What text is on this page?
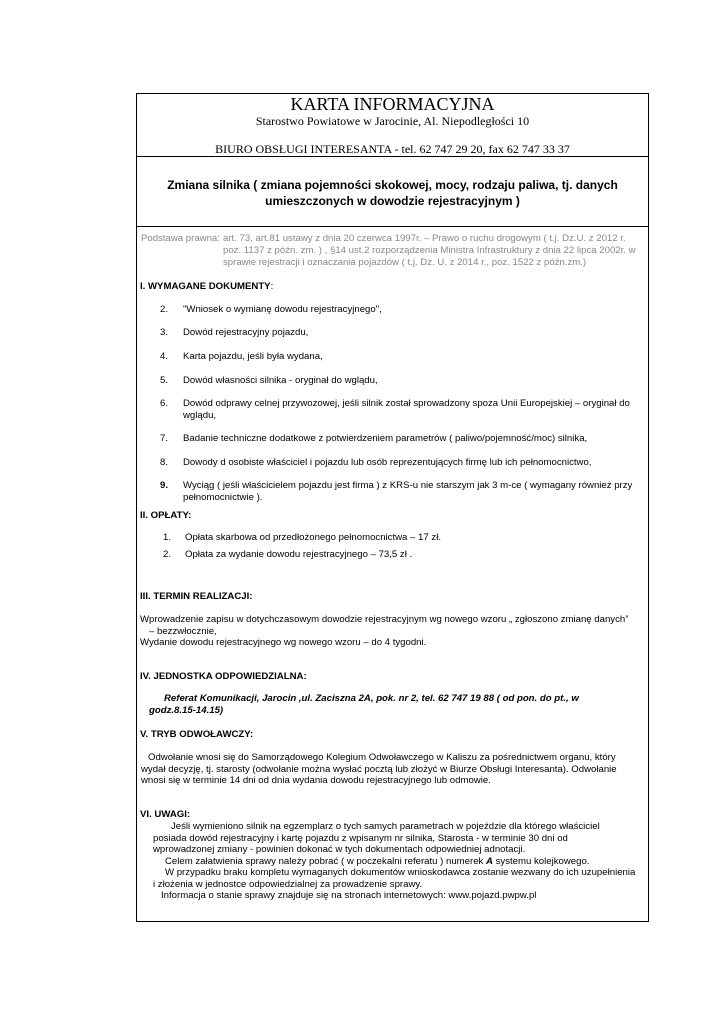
KARTA INFORMACYJNA
Starostwo Powiatowe w Jarocinie, Al. Niepodległości 10
BIURO OBSŁUGI INTERESANTA - tel. 62 747 29 20, fax 62 747 33 37
Zmiana silnika ( zmiana pojemności skokowej, mocy, rodzaju paliwa, tj. danych
umieszczonych w dowodzie rejestracyjnym )
Podstawa prawna: art. 73, art.81 ustawy z dnia 20 czerwca 1997r. – Prawo o ruchu drogowym ( t.j. Dz.U. z 2012 r.
poz. 1137 z późn. zm. ) , §14 ust.2 rozporządzenia Ministra Infrastruktury z dnia 22 lipca 2002r. w
sprawie rejestracji i oznaczania pojazdów ( t.j. Dz. U. z 2014 r., poz. 1522 z późn.zm.)
I. WYMAGANE DOKUMENTY:
2.	"Wniosek o wymianę dowodu rejestracyjnego",
3.	Dowód rejestracyjny pojazdu,
4.	Karta pojazdu, jeśli była wydana,
5.	Dowód własności silnika - oryginał do wglądu,
6.	Dowód odprawy celnej przywozowej, jeśli silnik został sprowadzony spoza Unii Europejskiej – oryginał do wglądu,
7.	Badanie techniczne dodatkowe z potwierdzeniem parametrów ( paliwo/pojemność/moc) silnika,
8.	Dowody d osobiste właściciel i pojazdu lub osób reprezentujących firmę lub ich pełnomocnictwo,
9.	Wyciąg ( jeśli właścicielem pojazdu jest firma ) z KRS-u nie starszym jak 3 m-ce ( wymagany również przy pełnomocnictwie ).
II. OPŁATY:
1.	Opłata skarbowa od przedłożonego pełnomocnictwa – 17 zł.
2.	Opłata za wydanie dowodu rejestracyjnego – 73,5 zł .
III. TERMIN REALIZACJI:
Wprowadzenie zapisu w dotychczasowym dowodzie rejestracyjnym wg nowego wzoru „ zgłoszono zmianę danych”
– bezzwłocznie,
Wydanie dowodu rejestracyjnego wg nowego wzoru – do 4 tygodni.
IV. JEDNOSTKA ODPOWIEDZIALNA:
Referat Komunikacji, Jarocin ,ul. Zaciszna 2A, pok. nr 2, tel. 62 747 19 88 ( od pon. do pt., w
godz.8.15-14.15)
V. TRYB ODWOŁAWCZY:
Odwołanie wnosi się do Samorządowego Kolegium Odwoławczego w Kaliszu za pośrednictwem organu, który
wydał decyzję, tj. starosty (odwołanie można wysłać pocztą lub złożyć w Biurze Obsługi Interesanta). Odwołanie
wnosi się w terminie 14 dni od dnia wydania dowodu rejestracyjnego lub odmowie.
VI. UWAGI:
Jeśli wymieniono silnik na egzemplarz o tych samych parametrach w pojeździe dla którego właściciel
posiada dowód rejestracyjny i kartę pojazdu z wpisanym nr silnika, Starosta - w terminie 30 dni od
wprowadzonej zmiany - powinien dokonać w tych dokumentach odpowiedniej adnotacji.
Celem załatwienia sprawy należy pobrać ( w poczekalni referatu ) numerek A systemu kolejkowego.
W przypadku braku kompletu wymaganych dokumentów wnioskodawca zostanie wezwany do ich uzupełnienia
i złożenia w jednostce odpowiedzialnej za prowadzenie sprawy.
Informacja o stanie sprawy znajduje się na stronach internetowych: www.pojazd.pwpw.pl
